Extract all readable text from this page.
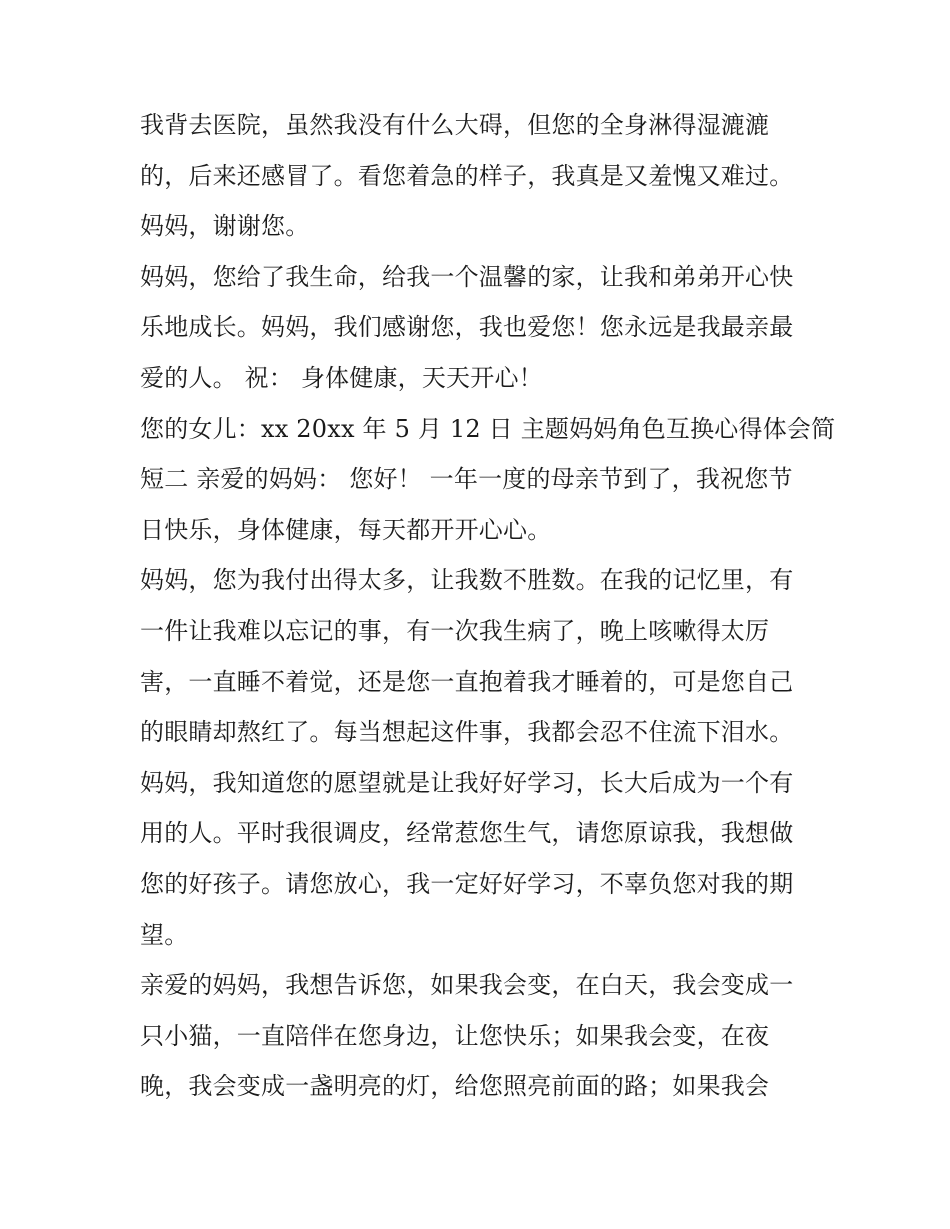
我背去医院，虽然我没有什么大碍，但您的全身淋得湿漉漉
的，后来还感冒了。看您着急的样子，我真是又羞愧又难过。
妈妈，谢谢您。
妈妈，您给了我生命，给我一个温馨的家，让我和弟弟开心快
乐地成长。妈妈，我们感谢您，我也爱您！您永远是我最亲最
爱的人。 祝： 身体健康，天天开心！
您的女儿：xx 20xx 年 5 月 12 日 主题妈妈角色互换心得体会简
短二 亲爱的妈妈： 您好！ 一年一度的母亲节到了，我祝您节
日快乐，身体健康，每天都开开心心。
妈妈，您为我付出得太多，让我数不胜数。在我的记忆里，有
一件让我难以忘记的事，有一次我生病了，晚上咳嗽得太厉
害，一直睡不着觉，还是您一直抱着我才睡着的，可是您自己
的眼睛却熬红了。每当想起这件事，我都会忍不住流下泪水。
妈妈，我知道您的愿望就是让我好好学习，长大后成为一个有
用的人。平时我很调皮，经常惹您生气，请您原谅我，我想做
您的好孩子。请您放心，我一定好好学习，不辜负您对我的期
望。
亲爱的妈妈，我想告诉您，如果我会变，在白天，我会变成一
只小猫，一直陪伴在您身边，让您快乐；如果我会变，在夜
晚，我会变成一盏明亮的灯，给您照亮前面的路；如果我会
